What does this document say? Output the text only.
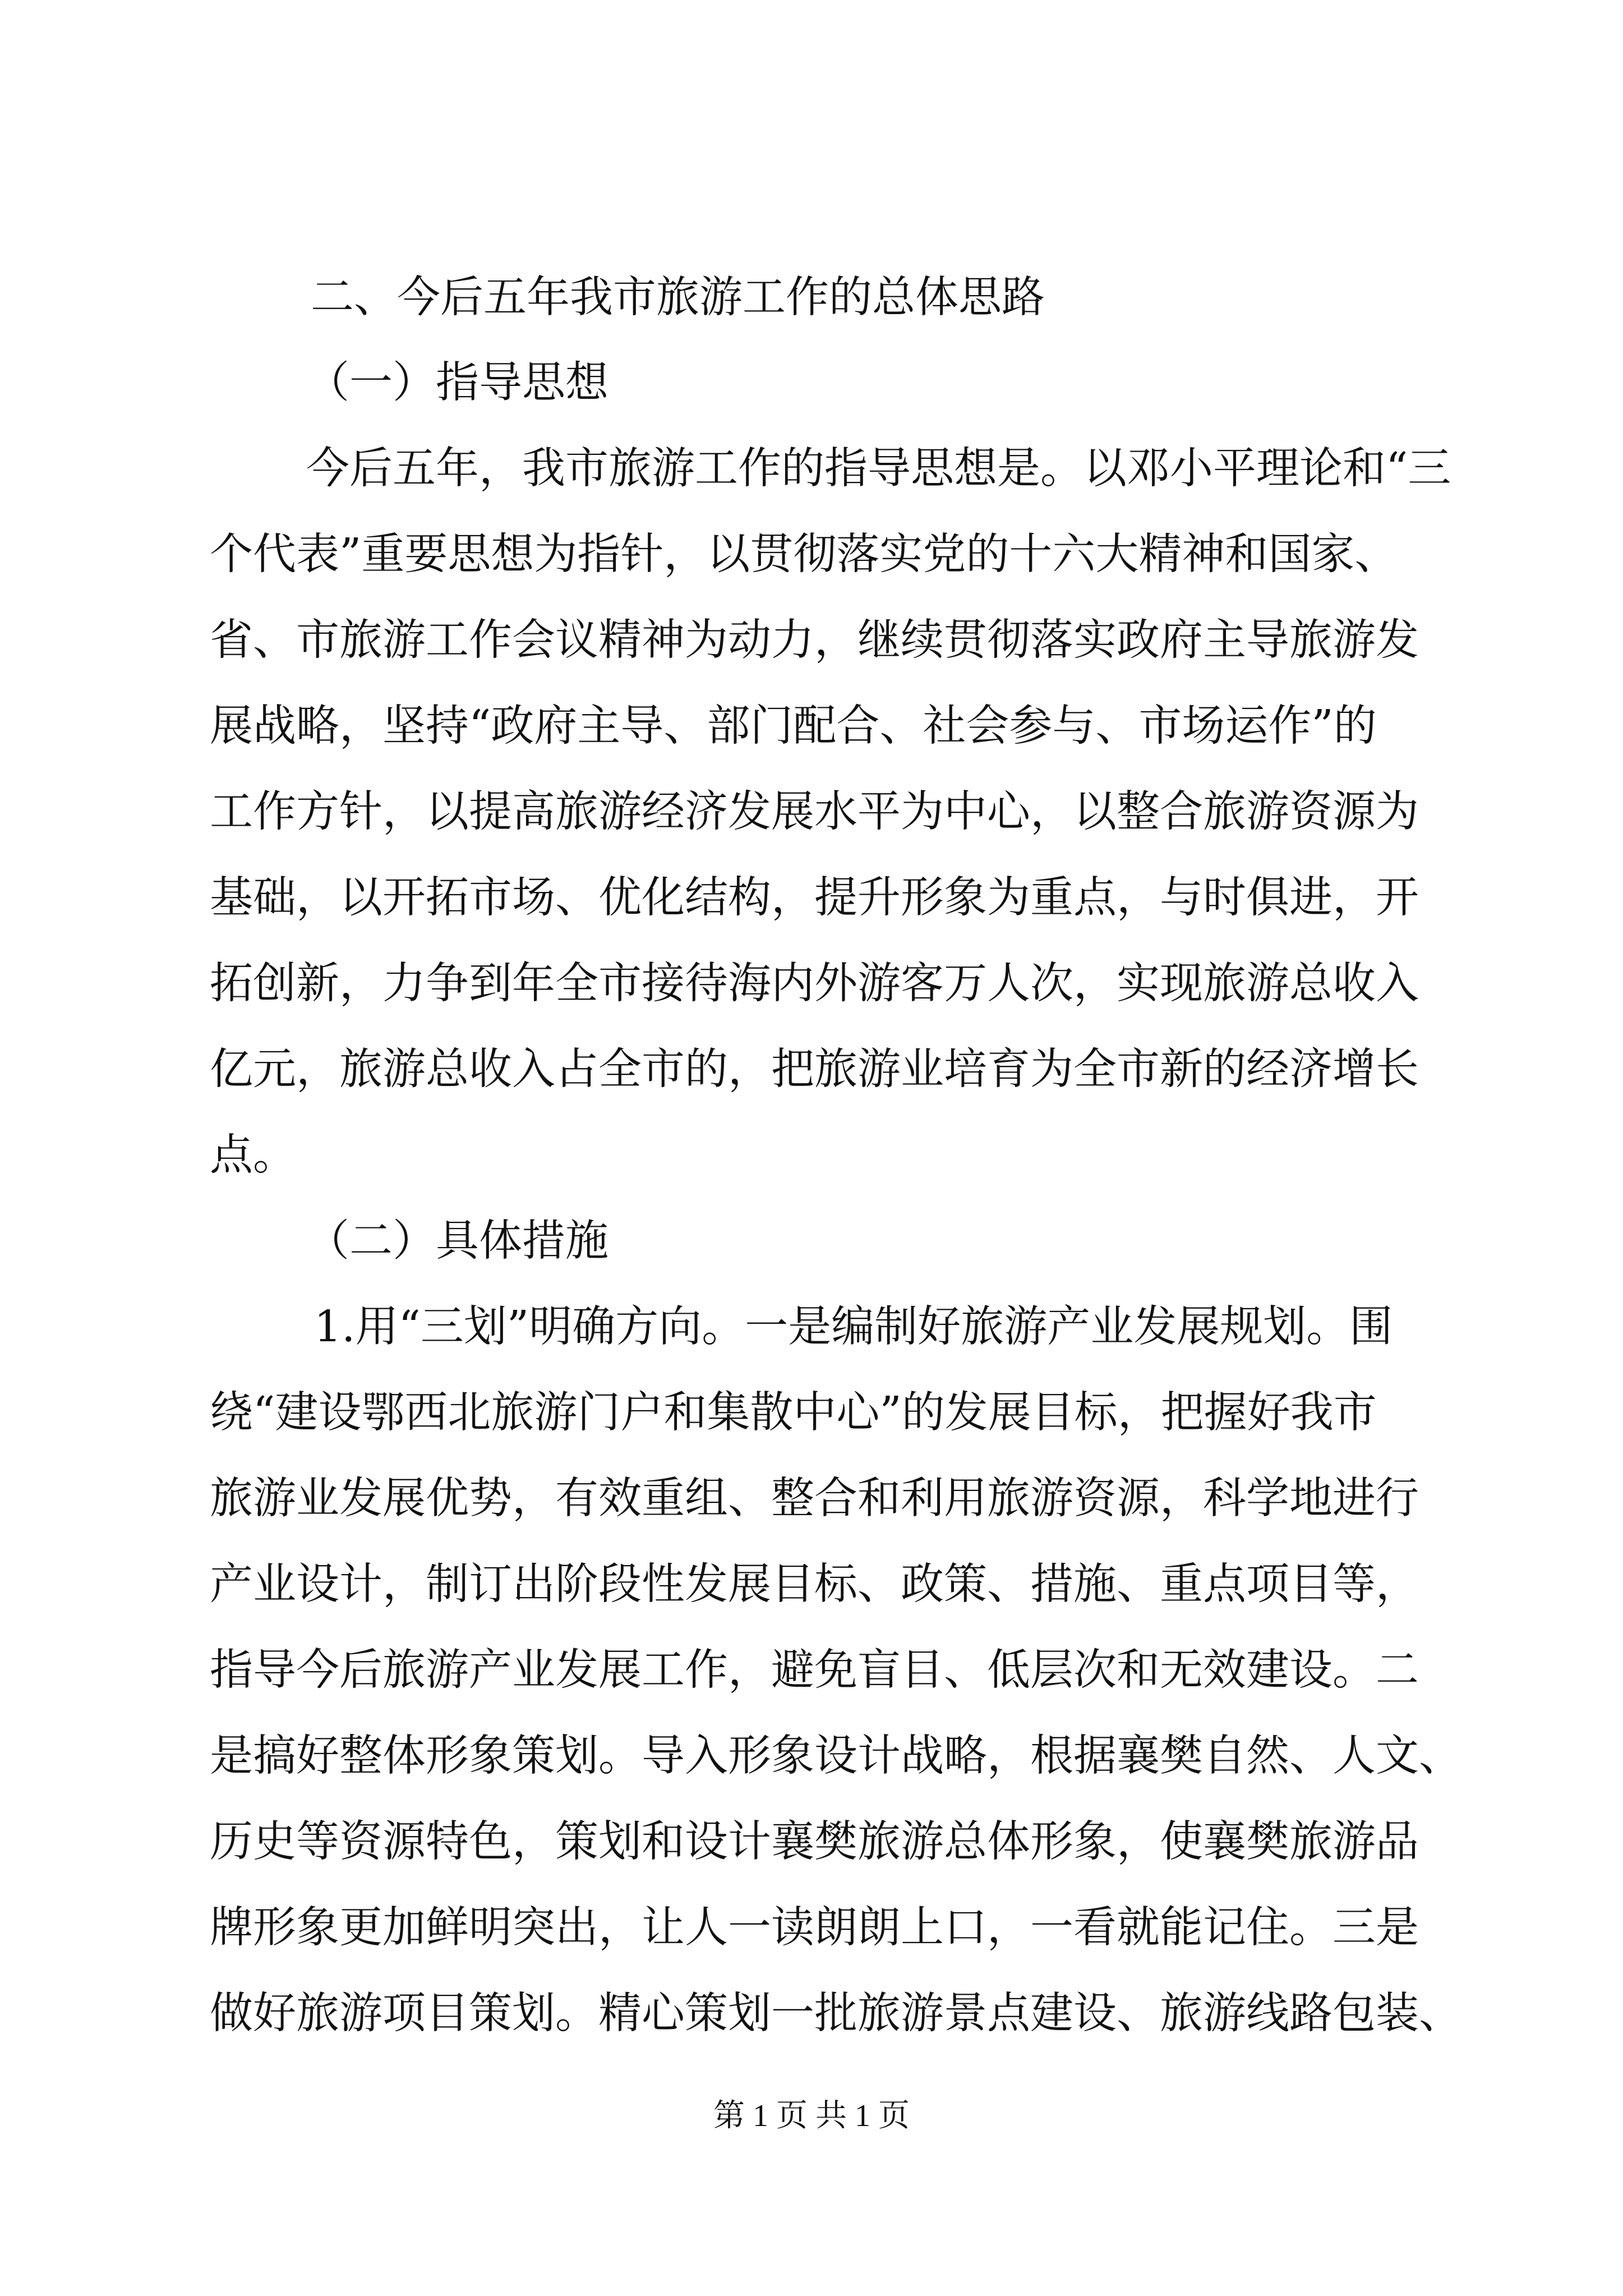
二、今后五年我市旅游工作的总体思路
（一）指导思想
今后五年，我市旅游工作的指导思想是。以邓小平理论和“三
个代表”重要思想为指针，以贯彻落实党的十六大精神和国家、
省、市旅游工作会议精神为动力，继续贯彻落实政府主导旅游发
展战略，坚持“政府主导、部门配合、社会参与、市场运作”的
工作方针，以提高旅游经济发展水平为中心，以整合旅游资源为
基础，以开拓市场、优化结构，提升形象为重点，与时俱进，开
拓创新，力争到年全市接待海内外游客万人次，实现旅游总收入
亿元，旅游总收入占全市的，把旅游业培育为全市新的经济增长
点。
（二）具体措施
1.用“三划”明确方向。一是编制好旅游产业发展规划。围
绕“建设鄂西北旅游门户和集散中心”的发展目标，把握好我市
旅游业发展优势，有效重组、整合和利用旅游资源，科学地进行
产业设计，制订出阶段性发展目标、政策、措施、重点项目等，
指导今后旅游产业发展工作，避免盲目、低层次和无效建设。二
是搞好整体形象策划。导入形象设计战略，根据襄樊自然、人文、
历史等资源特色，策划和设计襄樊旅游总体形象，使襄樊旅游品
牌形象更加鲜明突出，让人一读朗朗上口，一看就能记住。三是
做好旅游项目策划。精心策划一批旅游景点建设、旅游线路包装、
第 1 页 共 1 页
